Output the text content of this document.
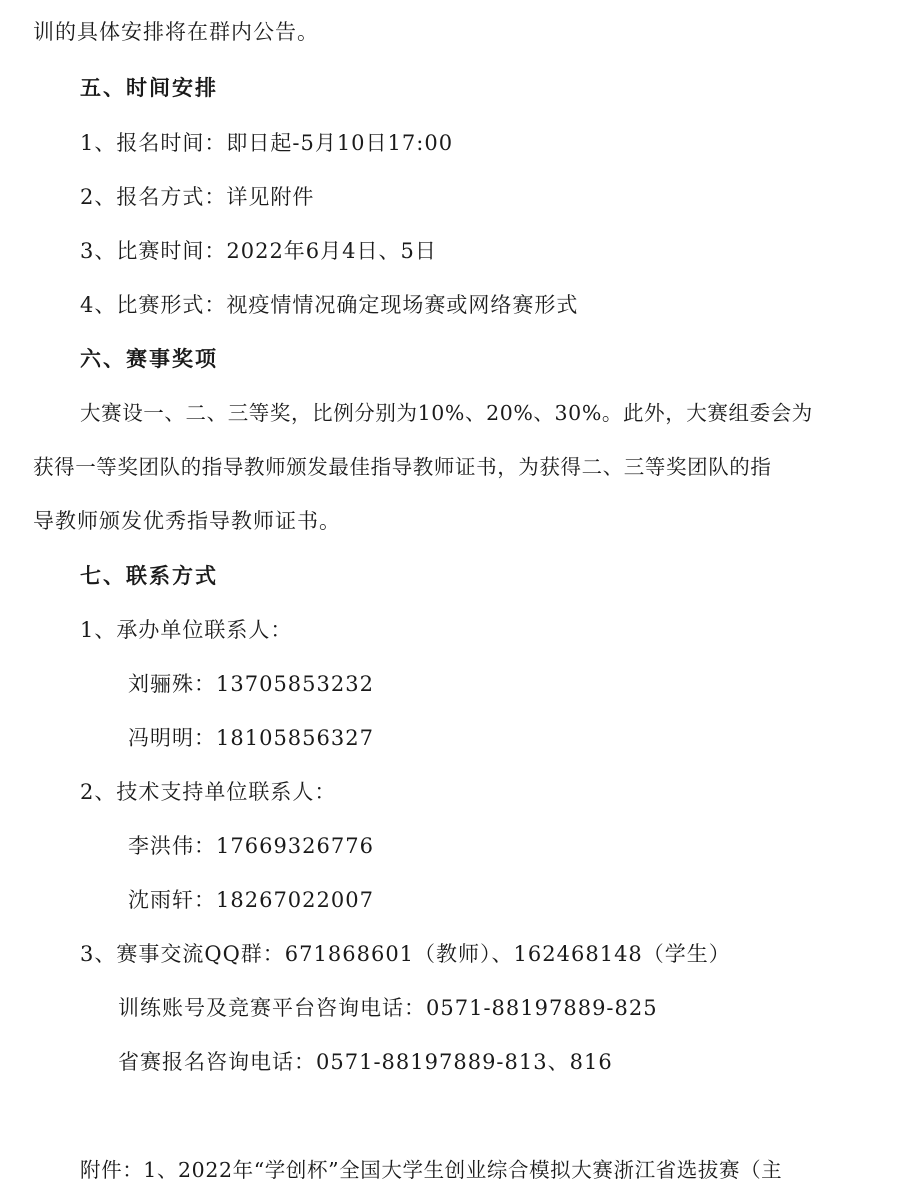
训的具体安排将在群内公告。
五、时间安排
1、报名时间：即日起-5月10日17:00
2、报名方式：详见附件
3、比赛时间：2022年6月4日、5日
4、比赛形式：视疫情情况确定现场赛或网络赛形式
六、赛事奖项
大赛设一、二、三等奖，比例分别为10%、20%、30%。此外，大赛组委会为
获得一等奖团队的指导教师颁发最佳指导教师证书，为获得二、三等奖团队的指
导教师颁发优秀指导教师证书。
七、联系方式
1、承办单位联系人：
刘骊殊：13705853232
冯明明：18105856327
2、技术支持单位联系人：
李洪伟：17669326776
沈雨轩：18267022007
3、赛事交流QQ群：671868601（教师）、162468148（学生）
训练账号及竞赛平台咨询电话：0571-88197889-825
省赛报名咨询电话：0571-88197889-813、816
附件：1、2022年“学创杯”全国大学生创业综合模拟大赛浙江省选拔赛（主
